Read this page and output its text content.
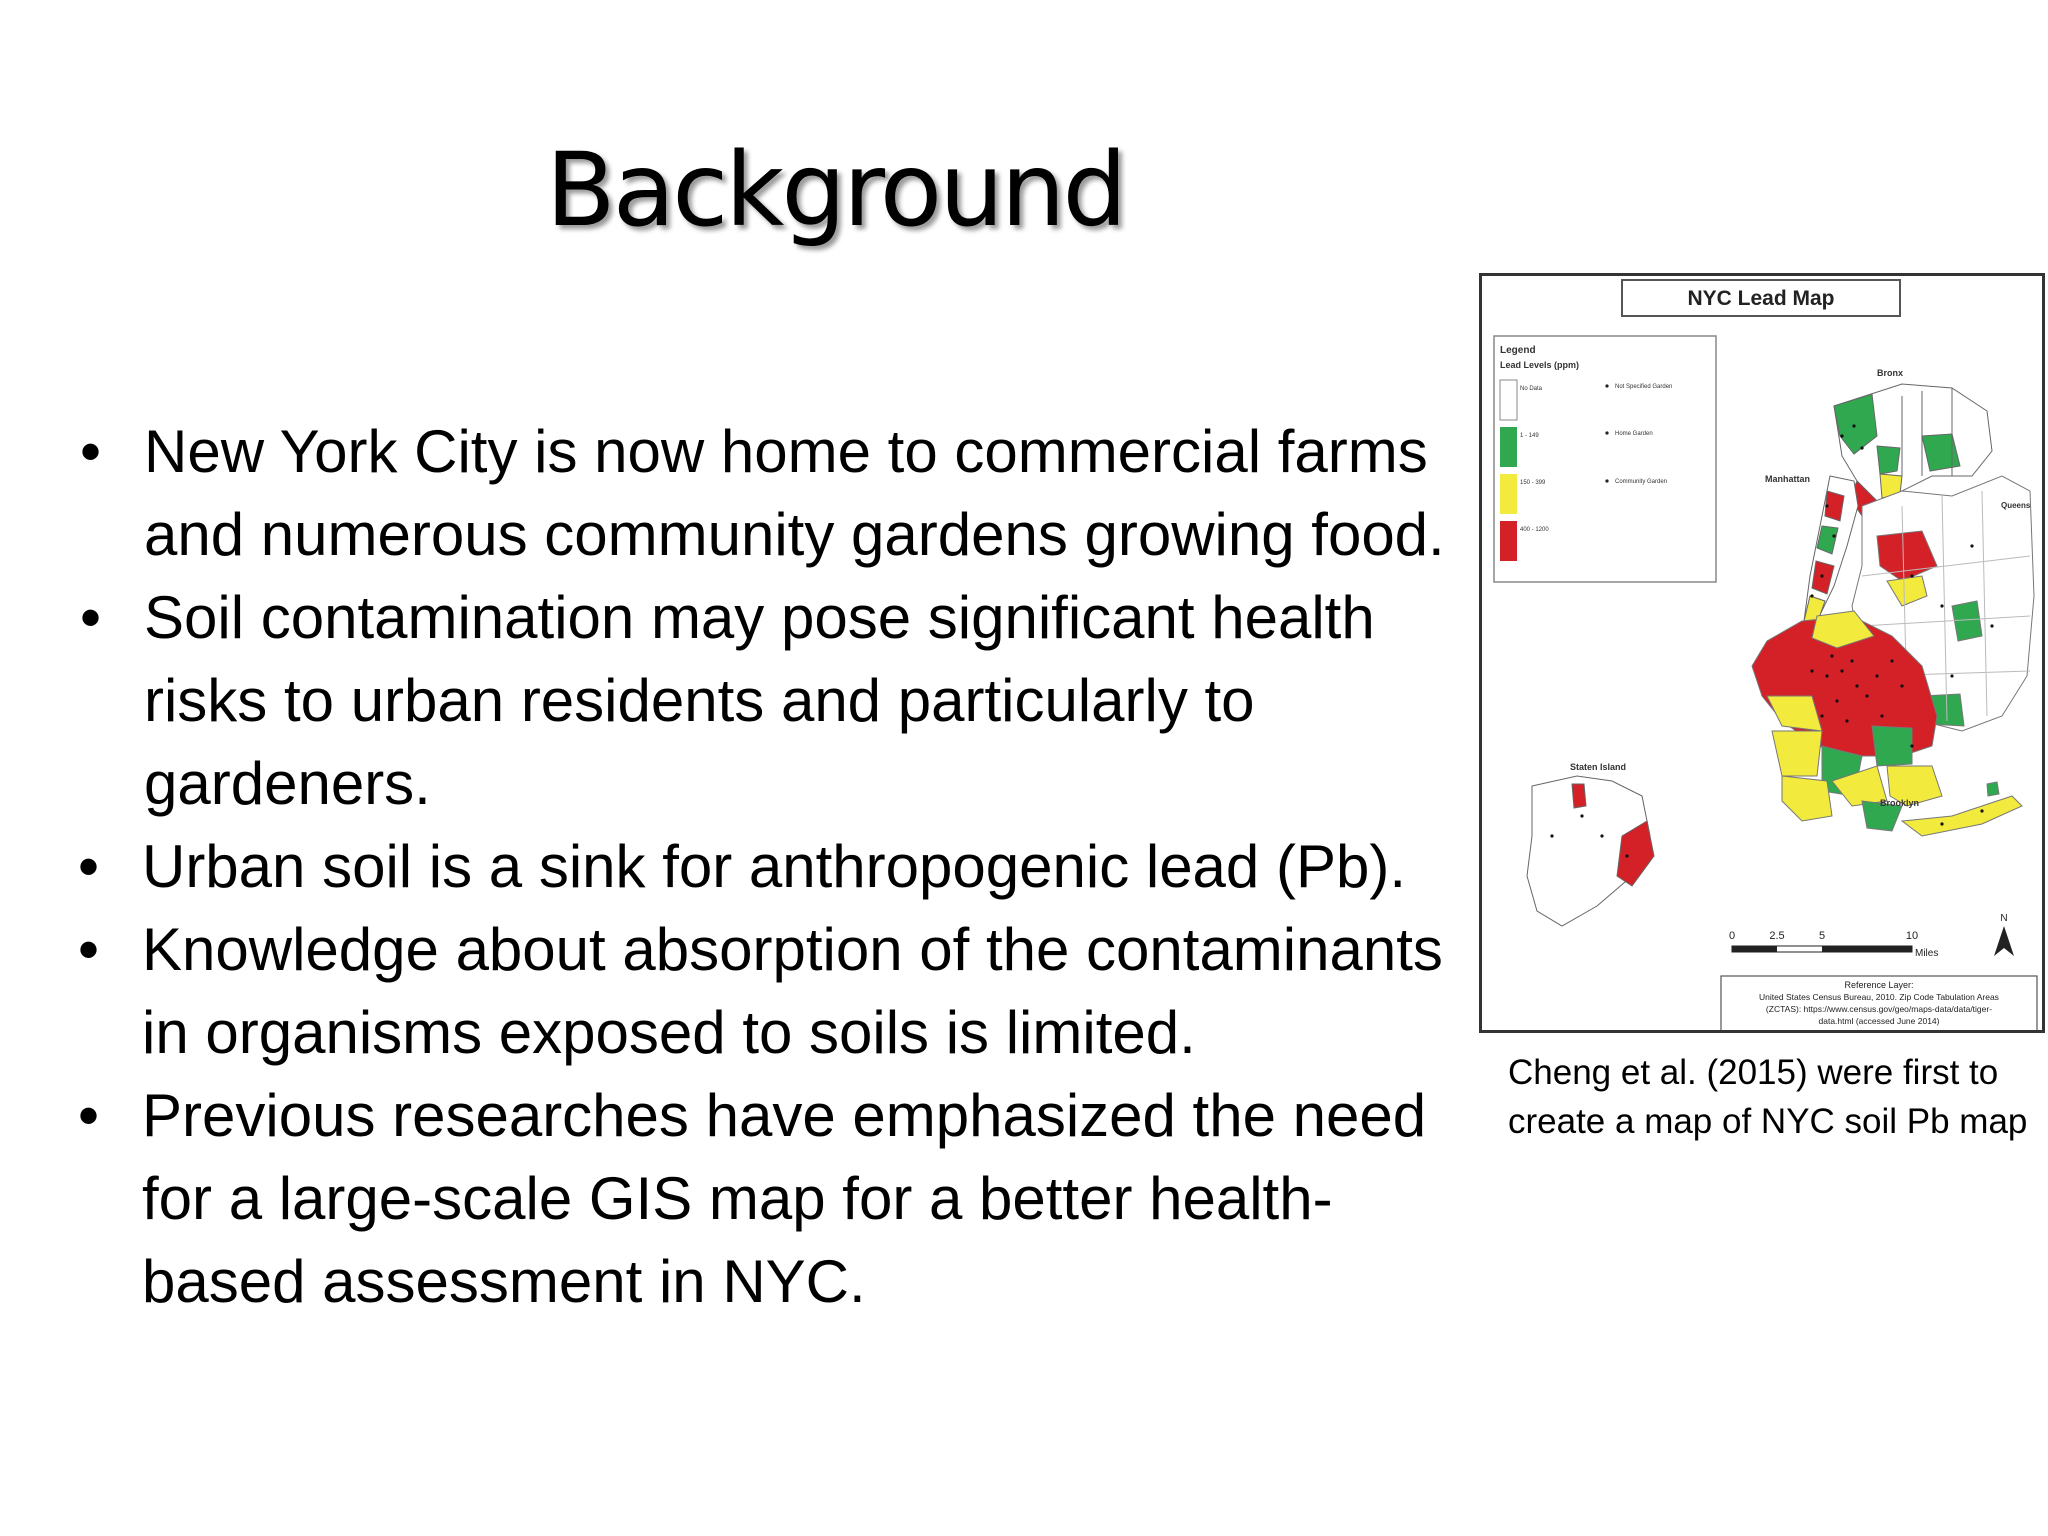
Background
• New York City is now home to commercial farms and numerous community gardens growing food.
• Soil contamination may pose significant health risks to urban residents and particularly to gardeners.
• Urban soil is a sink for anthropogenic lead (Pb).
• Knowledge about absorption of the contaminants in organisms exposed to soils is limited.
• Previous researches have emphasized the need for a large-scale GIS map for a better health-based assessment in NYC.
NYC Lead Map
Legend
Lead Levels (ppm)
No Data
1 - 149
150 - 399
400 - 1200
Not Specified Garden
Home Garden
Community Garden
Bronx
Manhattan
Queens
Staten Island
Brooklyn
0	2.5	5	10
Miles
N
Reference Layer:
United States Census Bureau, 2010. Zip Code Tabulation Areas
(ZCTAS): https://www.census.gov/geo/maps-data/data/tiger-
data.html (accessed June 2014)
Cheng et al. (2015) were first to create a map of NYC soil Pb map
